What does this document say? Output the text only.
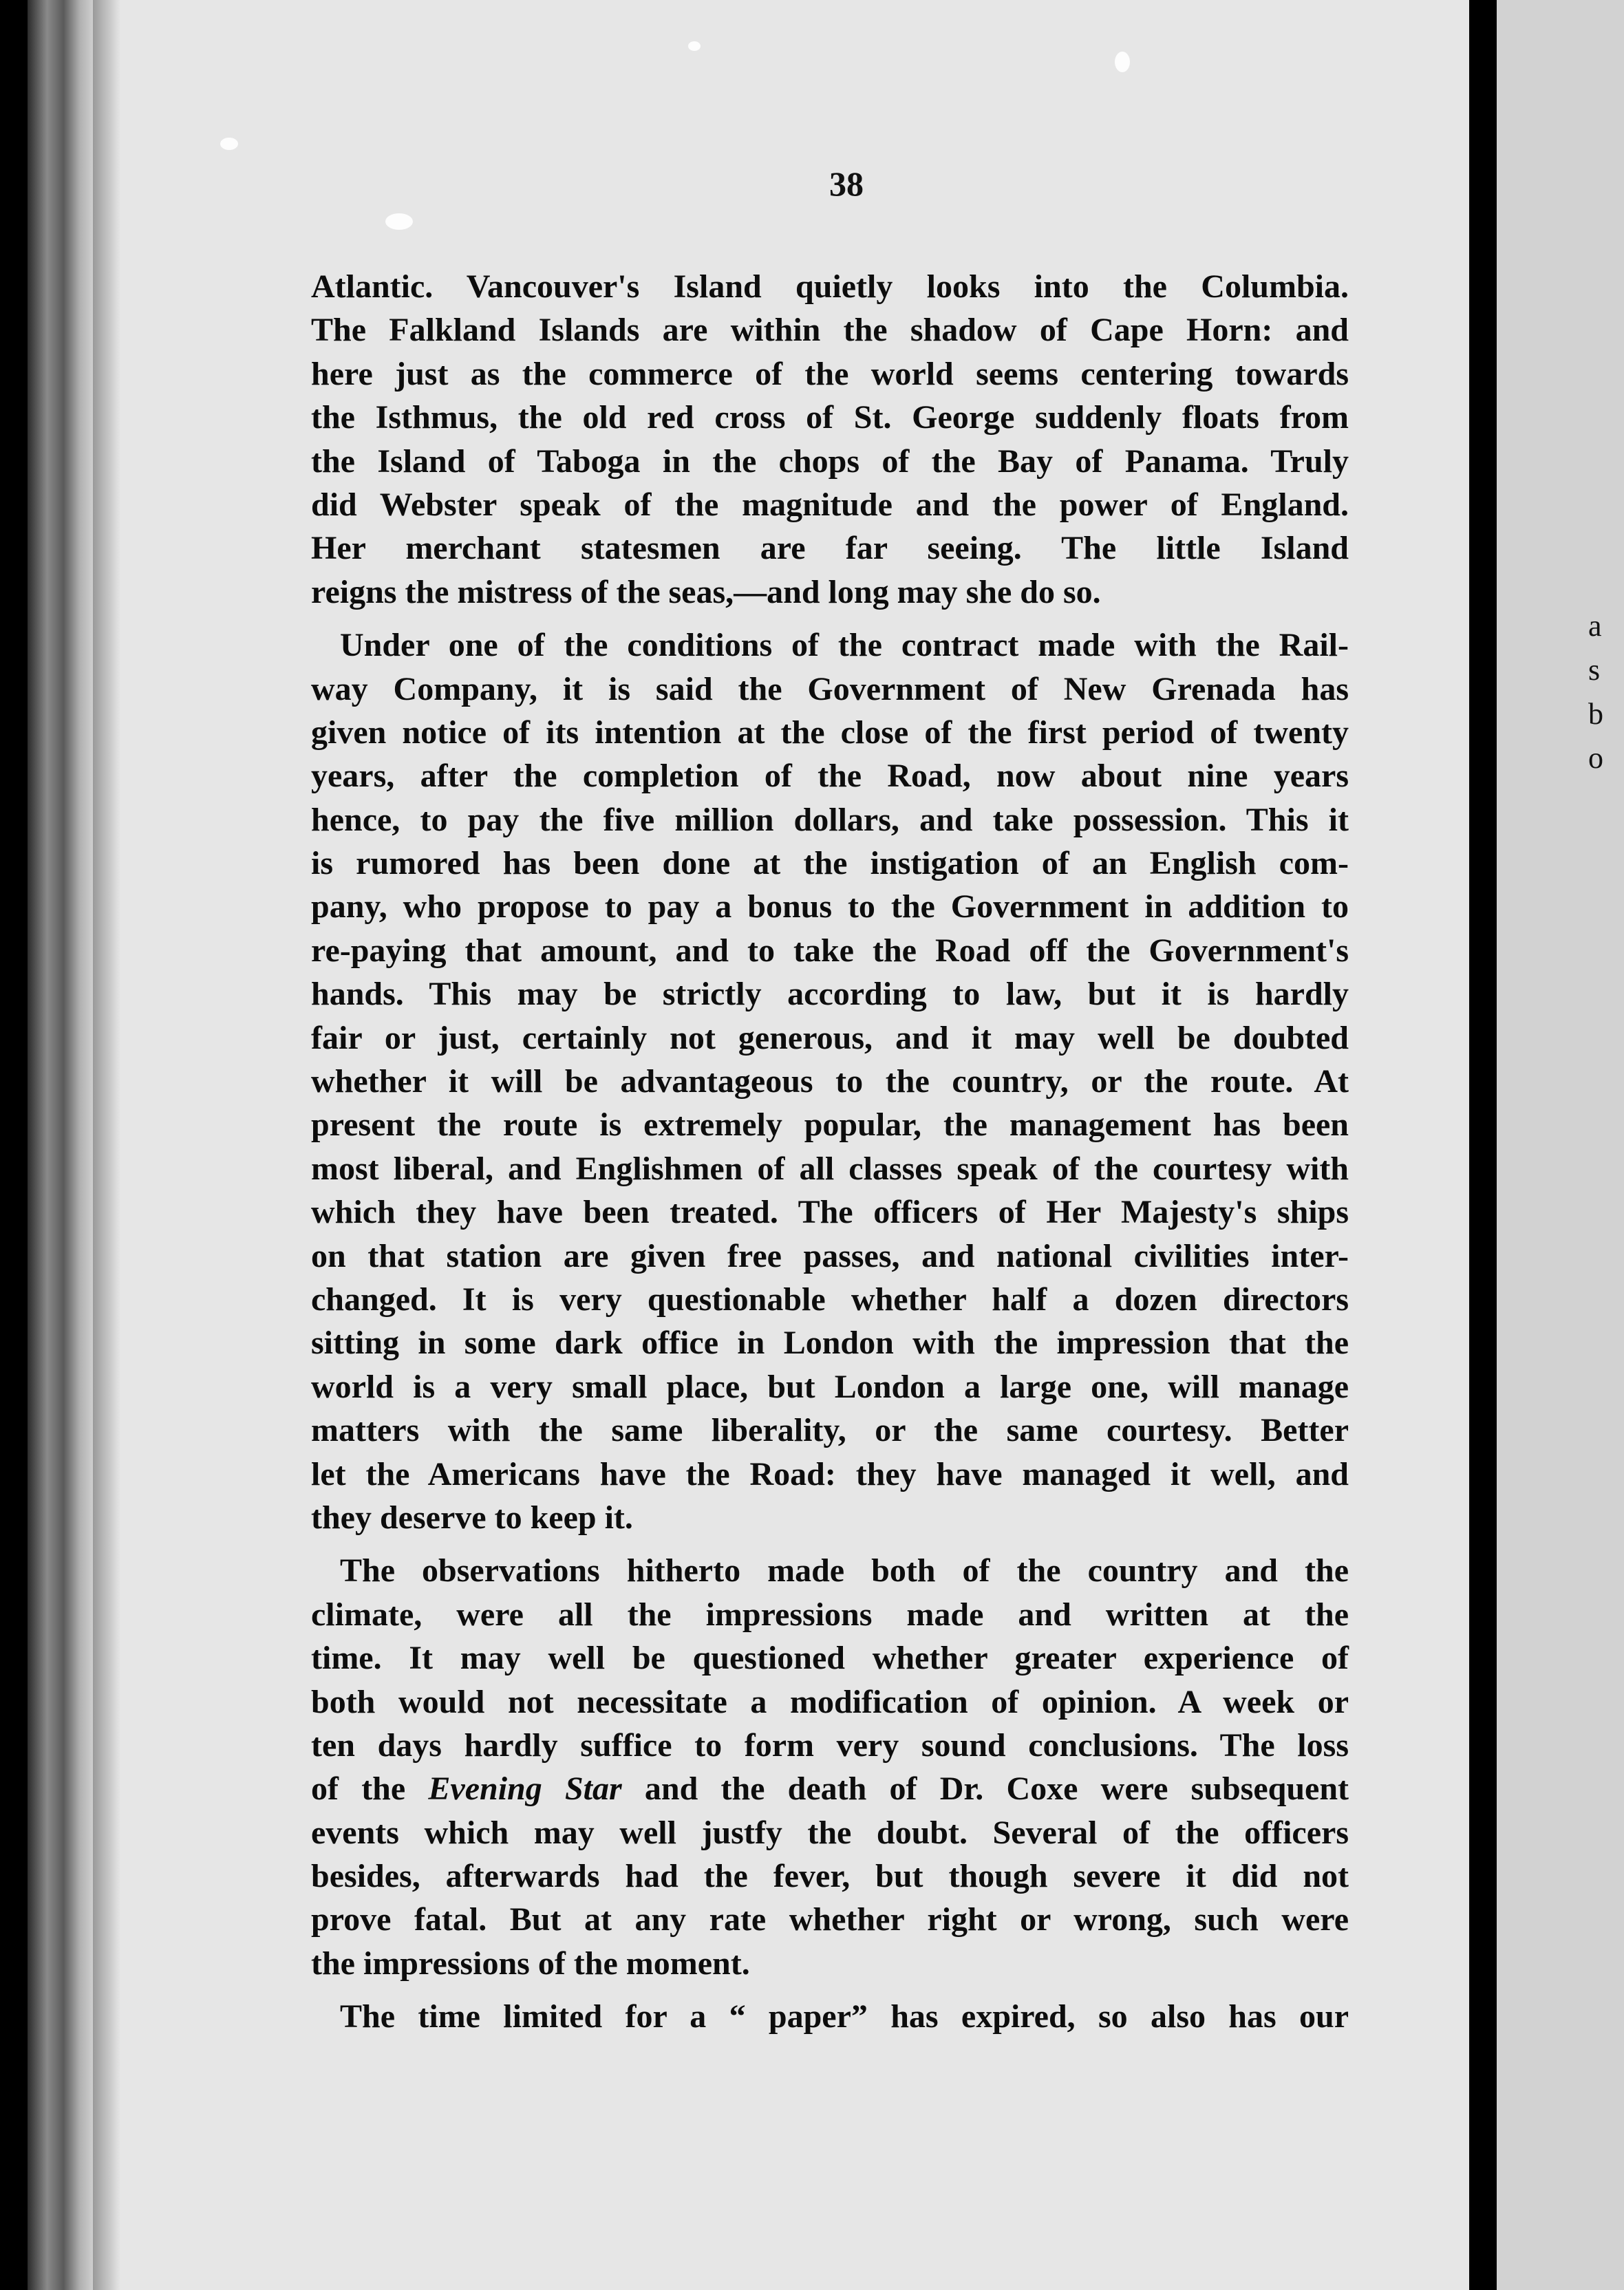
a
s
b
o
38
Atlantic. Vancouver's Island quietly looks into the Columbia.
The Falkland Islands are within the shadow of Cape Horn: and
here just as the commerce of the world seems centering towards
the Isthmus, the old red cross of St. George suddenly floats from
the Island of Taboga in the chops of the Bay of Panama. Truly
did Webster speak of the magnitude and the power of England.
Her merchant statesmen are far seeing. The little Island
reigns the mistress of the seas,—and long may she do so.
Under one of the conditions of the contract made with the Rail-
way Company, it is said the Government of New Grenada has
given notice of its intention at the close of the first period of twenty
years, after the completion of the Road, now about nine years
hence, to pay the five million dollars, and take possession. This it
is rumored has been done at the instigation of an English com-
pany, who propose to pay a bonus to the Government in addition to
re-paying that amount, and to take the Road off the Government's
hands. This may be strictly according to law, but it is hardly
fair or just, certainly not generous, and it may well be doubted
whether it will be advantageous to the country, or the route. At
present the route is extremely popular, the management has been
most liberal, and Englishmen of all classes speak of the courtesy with
which they have been treated. The officers of Her Majesty's ships
on that station are given free passes, and national civilities inter-
changed. It is very questionable whether half a dozen directors
sitting in some dark office in London with the impression that the
world is a very small place, but London a large one, will manage
matters with the same liberality, or the same courtesy. Better
let the Americans have the Road: they have managed it well, and
they deserve to keep it.
The observations hitherto made both of the country and the
climate, were all the impressions made and written at the
time. It may well be questioned whether greater experience of
both would not necessitate a modification of opinion. A week or
ten days hardly suffice to form very sound conclusions. The loss
of the Evening Star and the death of Dr. Coxe were subsequent
events which may well justfy the doubt. Several of the officers
besides, afterwards had the fever, but though severe it did not
prove fatal. But at any rate whether right or wrong, such were
the impressions of the moment.
The time limited for a “ paper” has expired, so also has our
